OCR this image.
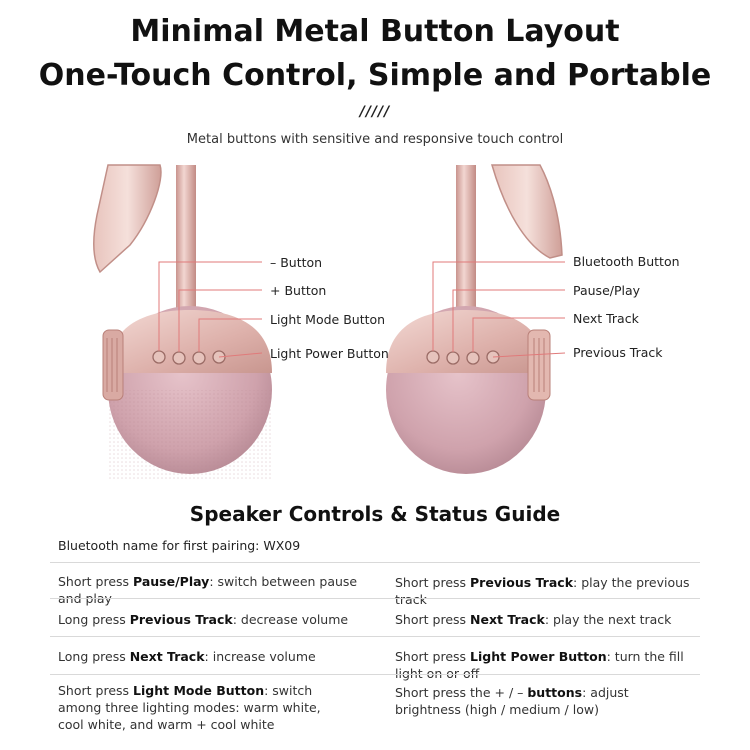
Minimal Metal Button Layout
One-Touch Control, Simple and Portable
/////
Metal buttons with sensitive and responsive touch control
– Button
+ Button
Light Mode Button
Light Power Button
Bluetooth Button
Pause/Play
Next Track
Previous Track
Speaker Controls & Status Guide
Bluetooth name for first pairing: WX09
Short press Pause/Play: switch between pause and play
Short press Previous Track: play the previous track
Long press Previous Track: decrease volume	Short press Next Track: play the next track
Long press Next Track: increase volume	Short press Light Power Button: turn the fill light on or off
Short press Light Mode Button: switch among three lighting modes: warm white, cool white, and warm + cool white
Short press the + / – buttons: adjust brightness (high / medium / low)
